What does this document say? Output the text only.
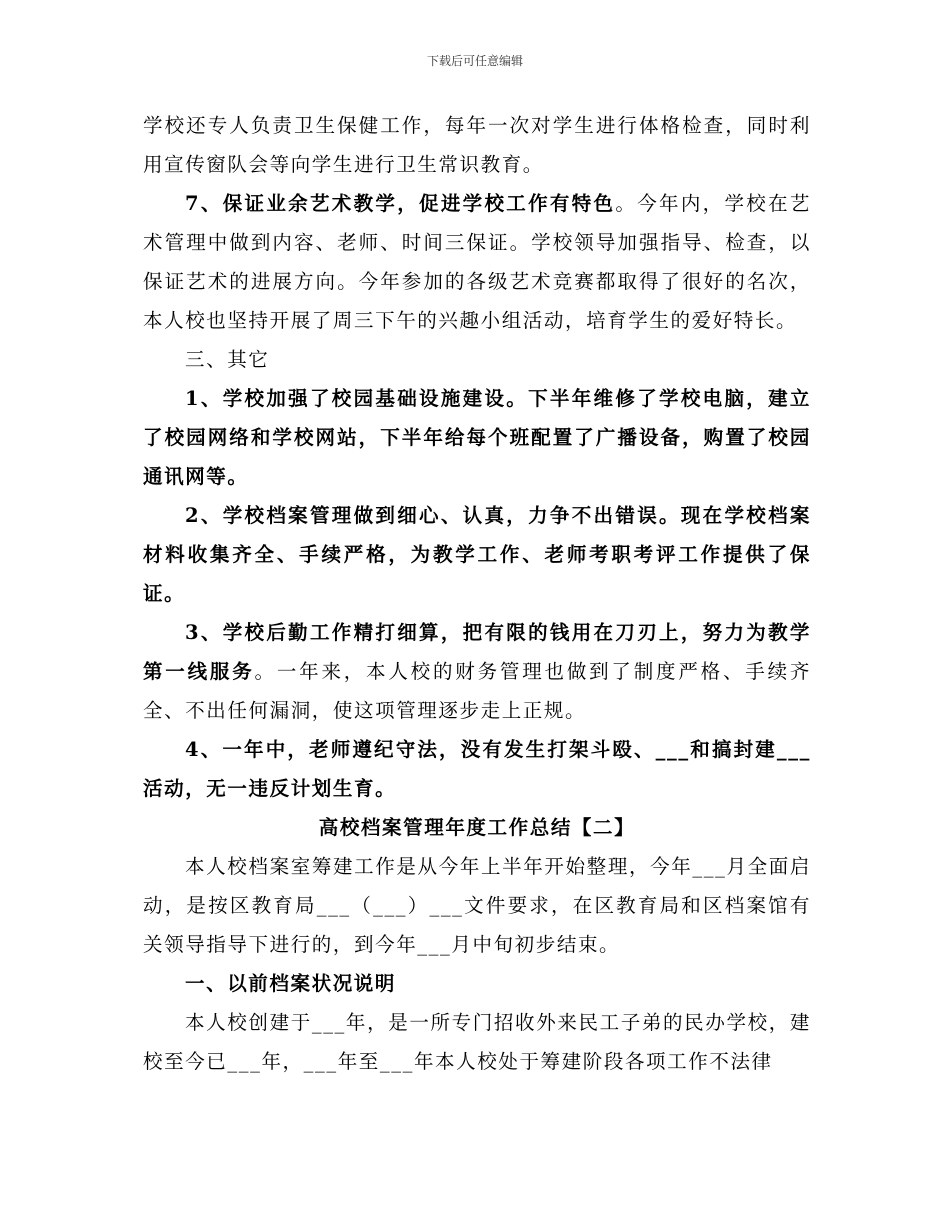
下载后可任意编辑

学校还专人负责卫生保健工作，每年一次对学生进行体格检查，同时利用宣传窗队会等向学生进行卫生常识教育。

7、保证业余艺术教学，促进学校工作有特色。今年内，学校在艺术管理中做到内容、老师、时间三保证。学校领导加强指导、检查，以保证艺术的进展方向。今年参加的各级艺术竞赛都取得了很好的名次，本人校也坚持开展了周三下午的兴趣小组活动，培育学生的爱好特长。

三、其它

1、学校加强了校园基础设施建设。下半年维修了学校电脑，建立了校园网络和学校网站，下半年给每个班配置了广播设备，购置了校园通讯网等。

2、学校档案管理做到细心、认真，力争不出错误。现在学校档案材料收集齐全、手续严格，为教学工作、老师考职考评工作提供了保证。

3、学校后勤工作精打细算，把有限的钱用在刀刃上，努力为教学第一线服务。一年来，本人校的财务管理也做到了制度严格、手续齐全、不出任何漏洞，使这项管理逐步走上正规。

4、一年中，老师遵纪守法，没有发生打架斗殴、___和搞封建___活动，无一违反计划生育。

高校档案管理年度工作总结【二】

本人校档案室筹建工作是从今年上半年开始整理，今年___月全面启动，是按区教育局___（___）___文件要求，在区教育局和区档案馆有关领导指导下进行的，到今年___月中旬初步结束。

一、以前档案状况说明

本人校创建于___年，是一所专门招收外来民工子弟的民办学校，建校至今已___年，___年至___年本人校处于筹建阶段各项工作不法律
